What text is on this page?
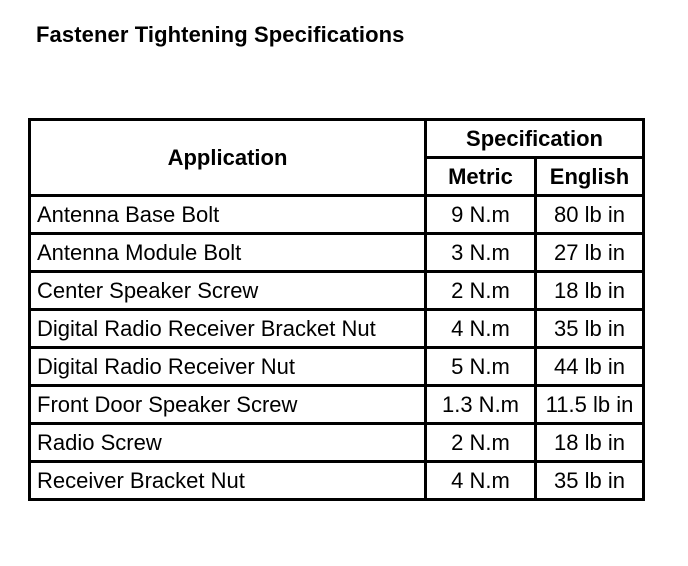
Fastener Tightening Specifications
Application	Specification	
	Metric	English
Antenna Base Bolt	9 N.m	80 lb in
Antenna Module Bolt	3 N.m	27 lb in
Center Speaker Screw	2 N.m	18 lb in
Digital Radio Receiver Bracket Nut	4 N.m	35 lb in
Digital Radio Receiver Nut	5 N.m	44 lb in
Front Door Speaker Screw	1.3 N.m	11.5 lb in
Radio Screw	2 N.m	18 lb in
Receiver Bracket Nut	4 N.m	35 lb in
